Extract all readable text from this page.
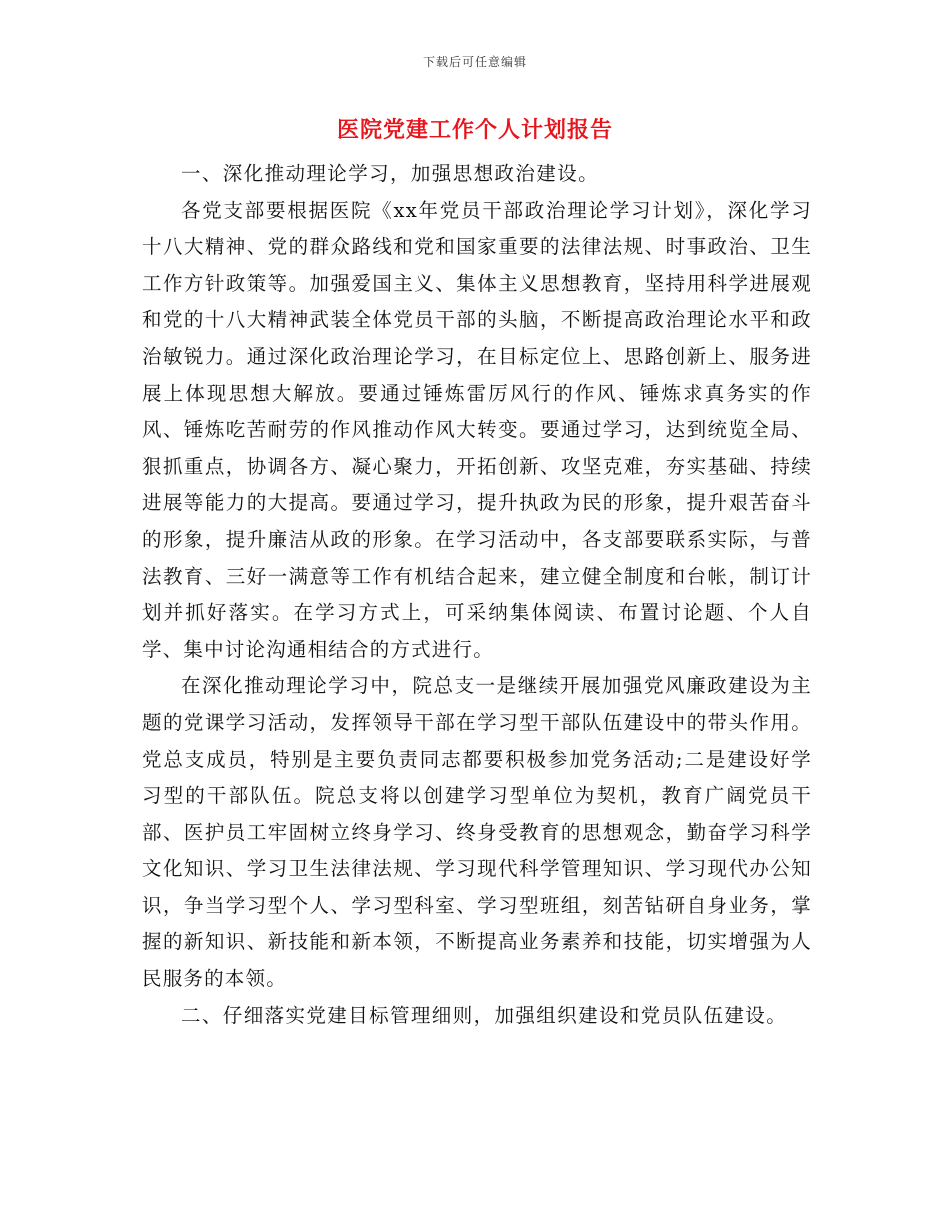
下载后可任意编辑
医院党建工作个人计划报告

一、深化推动理论学习，加强思想政治建设。

各党支部要根据医院《xx年党员干部政治理论学习计划》，深化学习十八大精神、党的群众路线和党和国家重要的法律法规、时事政治、卫生工作方针政策等。加强爱国主义、集体主义思想教育，坚持用科学进展观和党的十八大精神武装全体党员干部的头脑，不断提高政治理论水平和政治敏锐力。通过深化政治理论学习，在目标定位上、思路创新上、服务进展上体现思想大解放。要通过锤炼雷厉风行的作风、锤炼求真务实的作风、锤炼吃苦耐劳的作风推动作风大转变。要通过学习，达到统览全局、狠抓重点，协调各方、凝心聚力，开拓创新、攻坚克难，夯实基础、持续进展等能力的大提高。要通过学习，提升执政为民的形象，提升艰苦奋斗的形象，提升廉洁从政的形象。在学习活动中，各支部要联系实际，与普法教育、三好一满意等工作有机结合起来，建立健全制度和台帐，制订计划并抓好落实。在学习方式上，可采纳集体阅读、布置讨论题、个人自学、集中讨论沟通相结合的方式进行。

在深化推动理论学习中，院总支一是继续开展加强党风廉政建设为主题的党课学习活动，发挥领导干部在学习型干部队伍建设中的带头作用。党总支成员，特别是主要负责同志都要积极参加党务活动;二是建设好学习型的干部队伍。院总支将以创建学习型单位为契机，教育广阔党员干部、医护员工牢固树立终身学习、终身受教育的思想观念，勤奋学习科学文化知识、学习卫生法律法规、学习现代科学管理知识、学习现代办公知识，争当学习型个人、学习型科室、学习型班组，刻苦钻研自身业务，掌握的新知识、新技能和新本领，不断提高业务素养和技能，切实增强为人民服务的本领。

二、仔细落实党建目标管理细则，加强组织建设和党员队伍建设。
